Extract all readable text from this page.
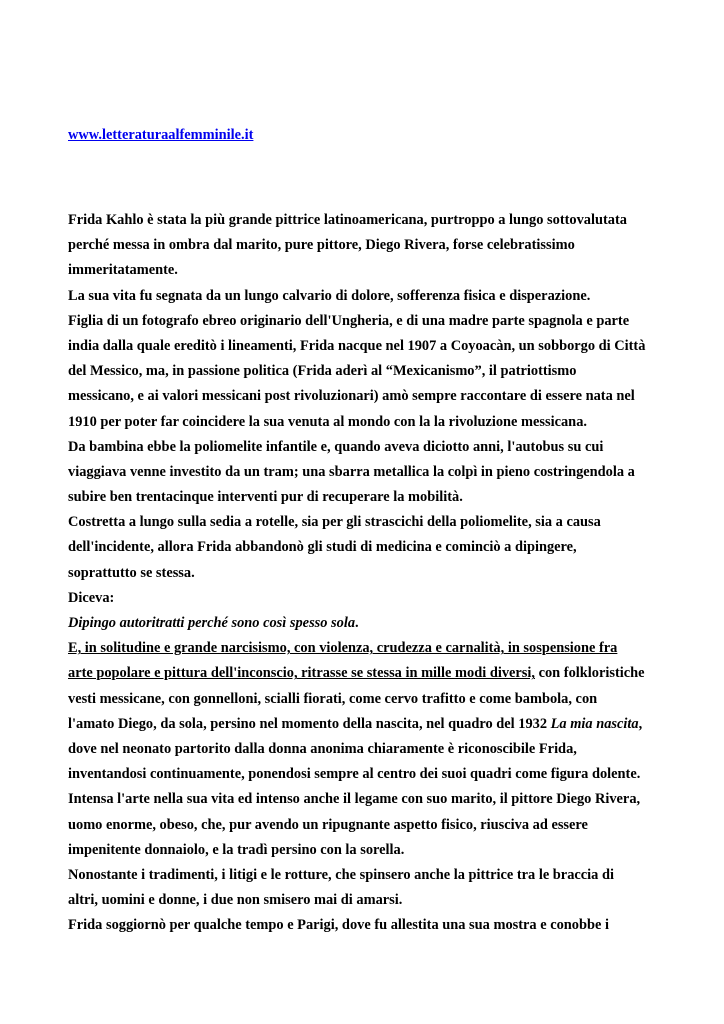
www.letteraturaalfemminile.it
Frida Kahlo è stata la più grande pittrice latinoamericana, purtroppo a lungo sottovalutata
perché messa in ombra dal marito, pure pittore, Diego Rivera, forse celebratissimo
immeritatamente.
La sua vita fu segnata da un lungo calvario di dolore, sofferenza fisica e disperazione.
Figlia di un fotografo ebreo originario dell'Ungheria, e di una madre parte spagnola e parte
india dalla quale ereditò i lineamenti, Frida nacque nel 1907 a Coyoacàn, un sobborgo di Città
del Messico, ma, in passione politica (Frida aderì al “Mexicanismo”, il patriottismo
messicano, e ai valori messicani post rivoluzionari) amò sempre raccontare di essere nata nel
1910 per poter far coincidere la sua venuta al mondo con la la rivoluzione messicana.
Da bambina ebbe la poliomelite infantile e, quando aveva diciotto anni, l'autobus su cui
viaggiava venne investito da un tram; una sbarra metallica la colpì in pieno costringendola a
subire ben trentacinque interventi pur di recuperare la mobilità.
Costretta a lungo sulla sedia a rotelle, sia per gli strascichi della poliomelite, sia a causa
dell'incidente, allora Frida abbandonò gli studi di medicina e cominciò a dipingere,
soprattutto se stessa.
Diceva:
Dipingo autoritratti perché sono così spesso sola.
E, in solitudine e grande narcisismo, con violenza, crudezza e carnalità, in sospensione fra
arte popolare e pittura dell'inconscio, ritrasse se stessa in mille modi diversi, con folkloristiche
vesti messicane, con gonnelloni, scialli fiorati, come cervo trafitto e come bambola, con
l'amato Diego, da sola, persino nel momento della nascita, nel quadro del 1932 La mia nascita,
dove nel neonato partorito dalla donna anonima chiaramente è riconoscibile Frida,
inventandosi continuamente, ponendosi sempre al centro dei suoi quadri come figura dolente.
Intensa l'arte nella sua vita ed intenso anche il legame con suo marito, il pittore Diego Rivera,
uomo enorme, obeso, che, pur avendo un ripugnante aspetto fisico, riusciva ad essere
impenitente donnaiolo, e la tradì persino con la sorella.
Nonostante i tradimenti, i litigi e le rotture, che spinsero anche la pittrice tra le braccia di
altri, uomini e donne, i due non smisero mai di amarsi.
Frida soggiornò per qualche tempo e Parigi, dove fu allestita una sua mostra e conobbe i
